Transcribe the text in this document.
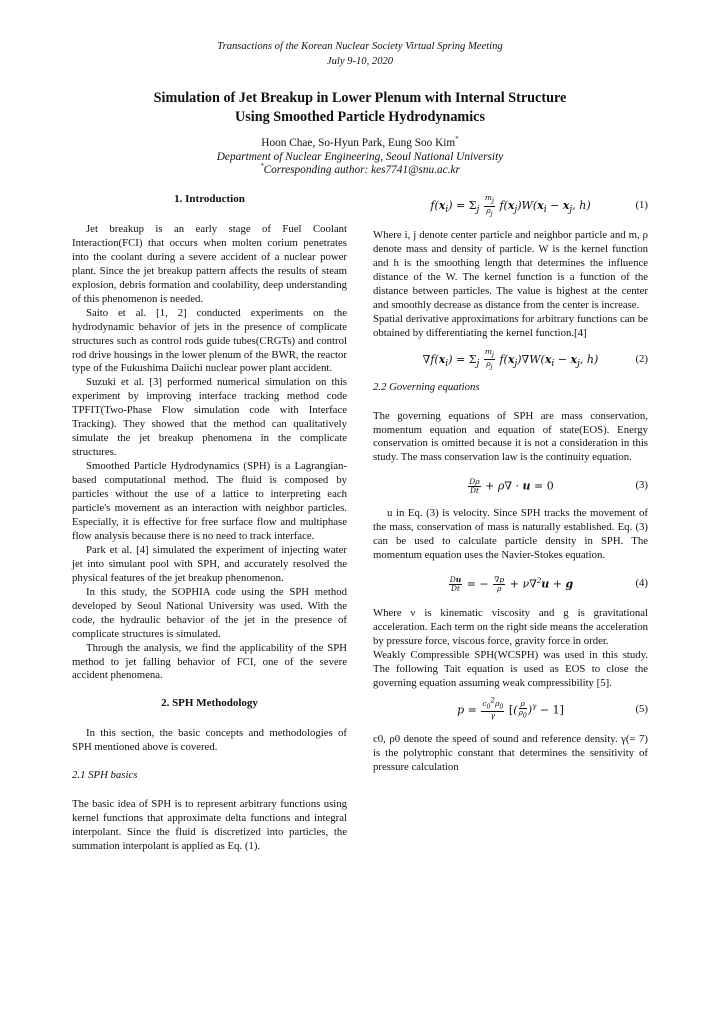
Transactions of the Korean Nuclear Society Virtual Spring Meeting
July 9-10, 2020
Simulation of Jet Breakup in Lower Plenum with Internal Structure
Using Smoothed Particle Hydrodynamics
Hoon Chae, So-Hyun Park, Eung Soo Kim*
Department of Nuclear Engineering, Seoul National University
*Corresponding author: kes7741@snu.ac.kr
1. Introduction
Jet breakup is an early stage of Fuel Coolant Interaction(FCI) that occurs when molten corium penetrates into the coolant during a severe accident of a nuclear power plant. Since the jet breakup pattern affects the results of steam explosion, debris formation and coolability, deep understanding of this phenomenon is needed.
Saito et al. [1, 2] conducted experiments on the hydrodynamic behavior of jets in the presence of complicate structures such as control rods guide tubes(CRGTs) and control rod drive housings in the lower plenum of the BWR, the reactor type of the Fukushima Daiichi nuclear power plant accident.
Suzuki et al. [3] performed numerical simulation on this experiment by improving interface tracking method code TPFIT(Two-Phase Flow simulation code with Interface Tracking). They showed that the method can qualitatively simulate the jet breakup phenomena in the complicate structures.
Smoothed Particle Hydrodynamics (SPH) is a Lagrangian-based computational method. The fluid is composed by particles without the use of a lattice to interpreting each particle's movement as an interaction with neighbor particles. Especially, it is effective for free surface flow and multiphase flow analysis because there is no need to track interface.
Park et al. [4] simulated the experiment of injecting water jet into simulant pool with SPH, and accurately resolved the physical features of the jet breakup phenomenon.
In this study, the SOPHIA code using the SPH method developed by Seoul National University was used. With the code, the hydraulic behavior of the jet in the presence of complicate structures is simulated.
Through the analysis, we find the applicability of the SPH method to jet falling behavior of FCI, one of the severe accident phenomena.
2. SPH Methodology
In this section, the basic concepts and methodologies of SPH mentioned above is covered.
2.1 SPH basics
The basic idea of SPH is to represent arbitrary functions using kernel functions that approximate delta functions and integral interpolant. Since the fluid is discretized into particles, the summation interpolant is applied as Eq. (1).
$f(x_i) = \Sigma_j \frac{m_j}{\rho_j} f(x_j)W(x_i - x_j$, h)	(1)
Where i, j denote center particle and neighbor particle and m, ρ denote mass and density of particle. W is the kernel function and h is the smoothing length that determines the influence distance of the W. The kernel function is a function of the distance between particles. The value is highest at the center and smoothly decrease as distance from the center is increase.
Spatial derivative approximations for arbitrary functions can be obtained by differentiating the kernel function.[4]
$\nabla f(x_i) = \Sigma_j \frac{m_j}{\rho_j} f(x_j)\nabla W(x_i - x_j$, h)	(2)
2.2 Governing equations
The governing equations of SPH are mass conservation, momentum equation and equation of state(EOS). Energy conservation is omitted because it is not a consideration in this study. The mass conservation law is the continuity equation.
$\frac{D\rho}{Dt} + \rho\nabla \cdot u = 0$	(3)
u in Eq. (3) is velocity. Since SPH tracks the movement of the mass, conservation of mass is naturally established. Eq. (3) can be used to calculate particle density in SPH. The momentum equation uses the Navier-Stokes equation.
$\frac{Du}{Dt}$ = − $\frac{\nabla p}{\rho} + \nu\nabla^2u + g$	(4)
Where ν is kinematic viscosity and g is gravitational acceleration. Each term on the right side means the acceleration by pressure force, viscous force, gravity force in order.
Weakly Compressible SPH(WCSPH) was used in this study. The following Tait equation is used as EOS to close the governing equation assuming weak compressibility [5].
$p = \frac{c_0^2\rho_0}{\gamma}$ [( $\frac{\rho}{\rho_0} )^\gamma - 1$]	(5)
c0, ρ0 denote the speed of sound and reference density. γ(= 7) is the polytrophic constant that determines the sensitivity of pressure calculation
